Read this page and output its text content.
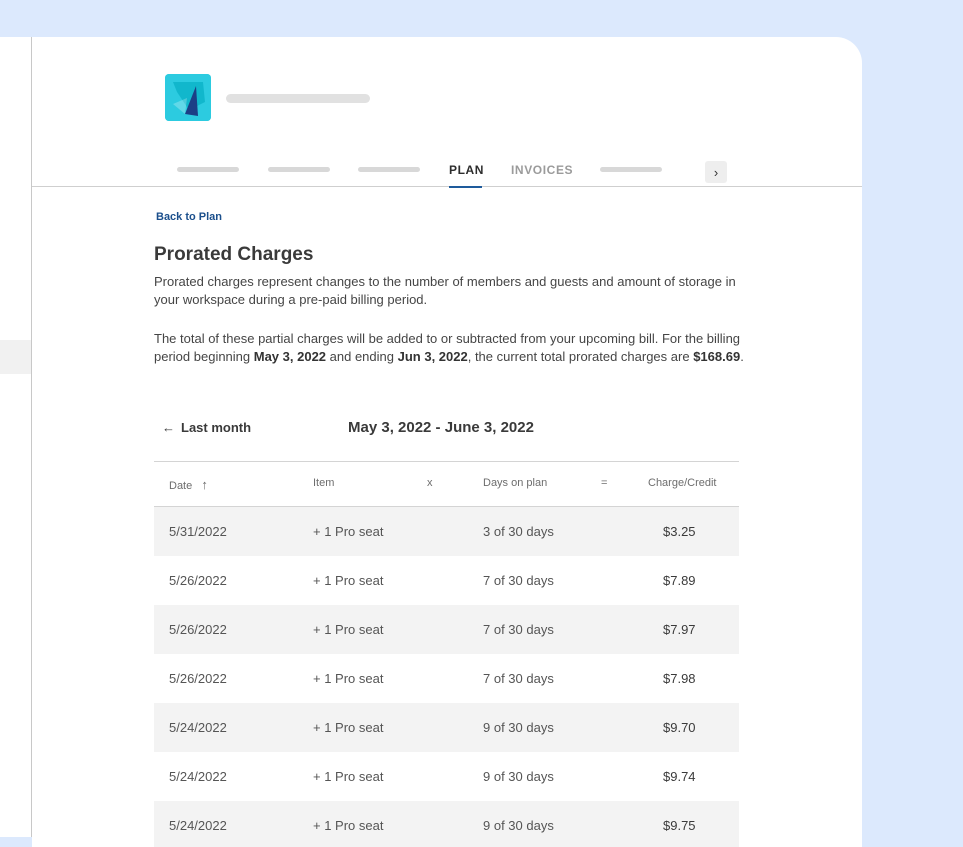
PLAN INVOICES	›
Back to Plan
Prorated Charges

Prorated charges represent changes to the number of members and guests and amount of storage in your workspace during a pre-paid billing period.

The total of these partial charges will be added to or subtracted from your upcoming bill. For the billing period beginning May 3, 2022 and ending Jun 3, 2022, the current total prorated charges are $168.69.

← Last month	May 3, 2022 - June 3, 2022
Date ↑	Item	x	Days on plan	=	Charge/Credit
5/31/2022	+ 1 Pro seat	3 of 30 days	$3.25
5/26/2022	+ 1 Pro seat	7 of 30 days	$7.89
5/26/2022	+ 1 Pro seat	7 of 30 days	$7.97
5/26/2022	+ 1 Pro seat	7 of 30 days	$7.98
5/24/2022	+ 1 Pro seat	9 of 30 days	$9.70
5/24/2022	+ 1 Pro seat	9 of 30 days	$9.74
5/24/2022	+ 1 Pro seat	9 of 30 days	$9.75
